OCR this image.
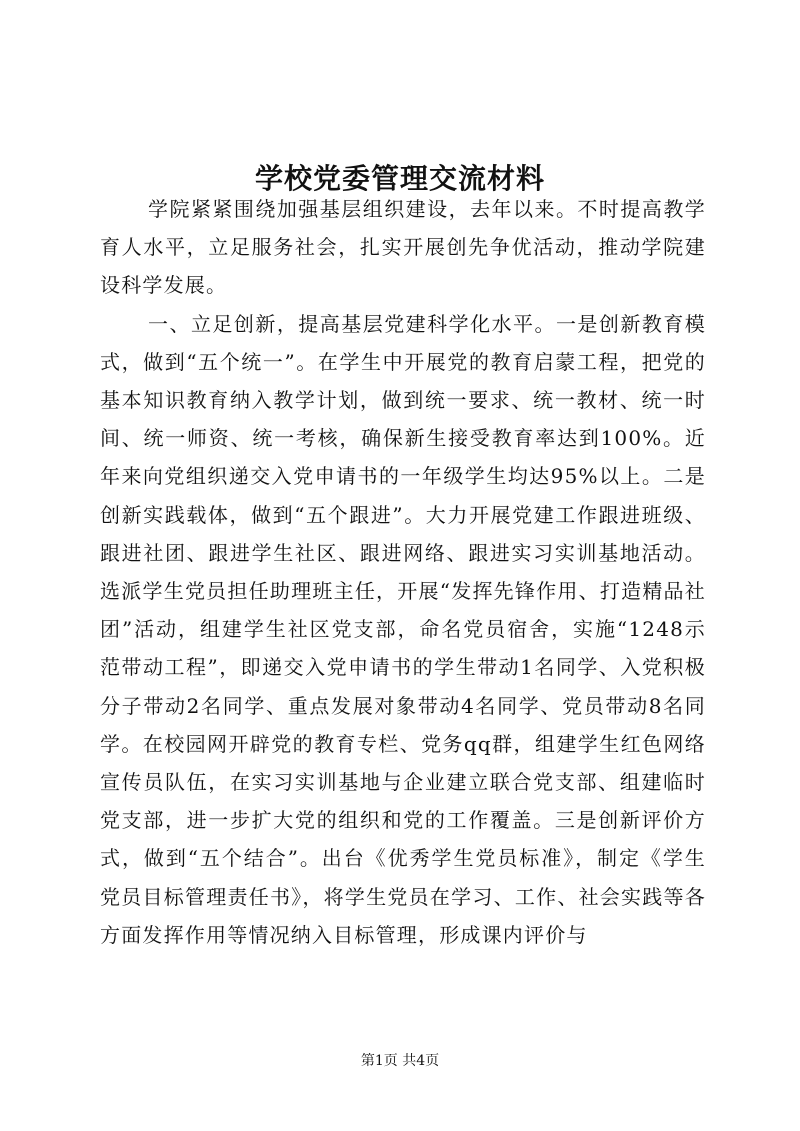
学校党委管理交流材料

学院紧紧围绕加强基层组织建设，去年以来。不时提高教学育人水平，立足服务社会，扎实开展创先争优活动，推动学院建设科学发展。

一、立足创新，提高基层党建科学化水平。一是创新教育模式，做到“五个统一”。在学生中开展党的教育启蒙工程，把党的基本知识教育纳入教学计划，做到统一要求、统一教材、统一时间、统一师资、统一考核，确保新生接受教育率达到100%。近年来向党组织递交入党申请书的一年级学生均达95%以上。二是创新实践载体，做到“五个跟进”。大力开展党建工作跟进班级、跟进社团、跟进学生社区、跟进网络、跟进实习实训基地活动。选派学生党员担任助理班主任，开展“发挥先锋作用、打造精品社团”活动，组建学生社区党支部，命名党员宿舍，实施“1248示范带动工程”，即递交入党申请书的学生带动1名同学、入党积极分子带动2名同学、重点发展对象带动4名同学、党员带动8名同学。在校园网开辟党的教育专栏、党务qq群，组建学生红色网络宣传员队伍，在实习实训基地与企业建立联合党支部、组建临时党支部，进一步扩大党的组织和党的工作覆盖。三是创新评价方式，做到“五个结合”。出台《优秀学生党员标准》，制定《学生党员目标管理责任书》，将学生党员在学习、工作、社会实践等各方面发挥作用等情况纳入目标管理，形成课内评价与

第1页 共4页
